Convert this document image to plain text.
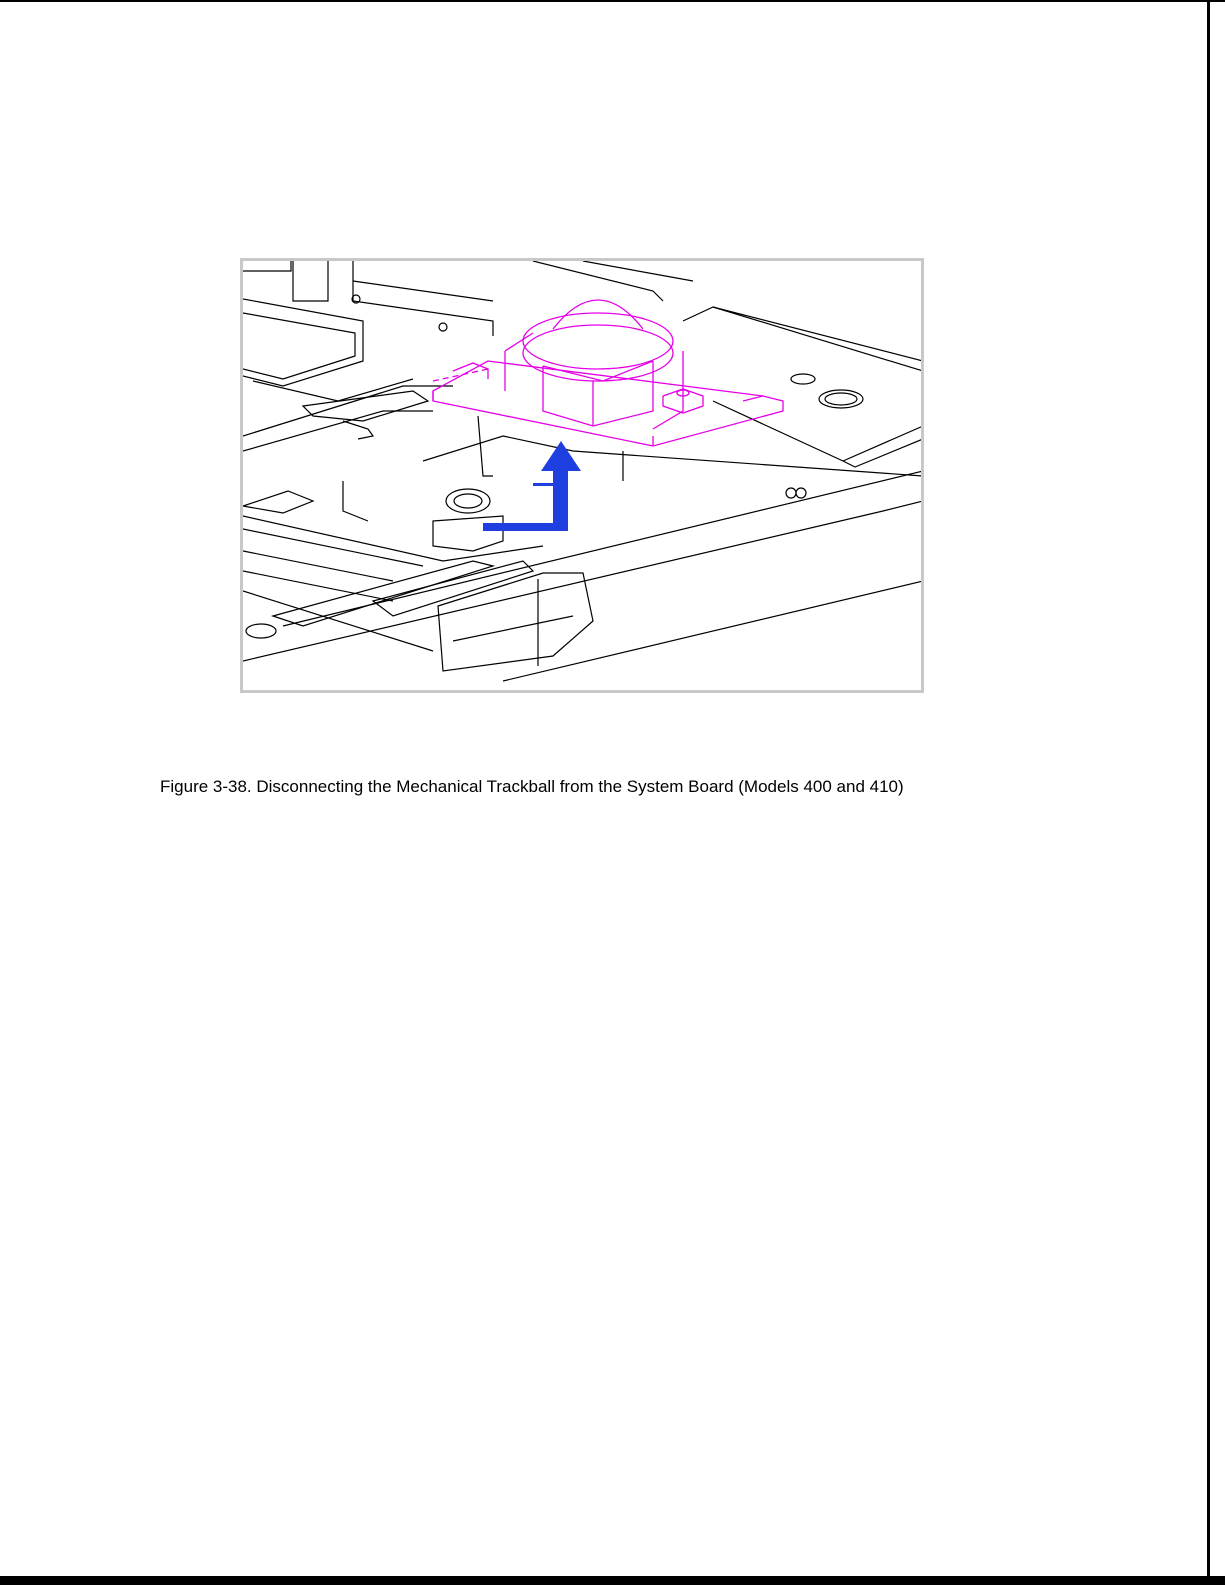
Figure 3-38. Disconnecting the Mechanical Trackball from the System Board (Models 400 and 410)
